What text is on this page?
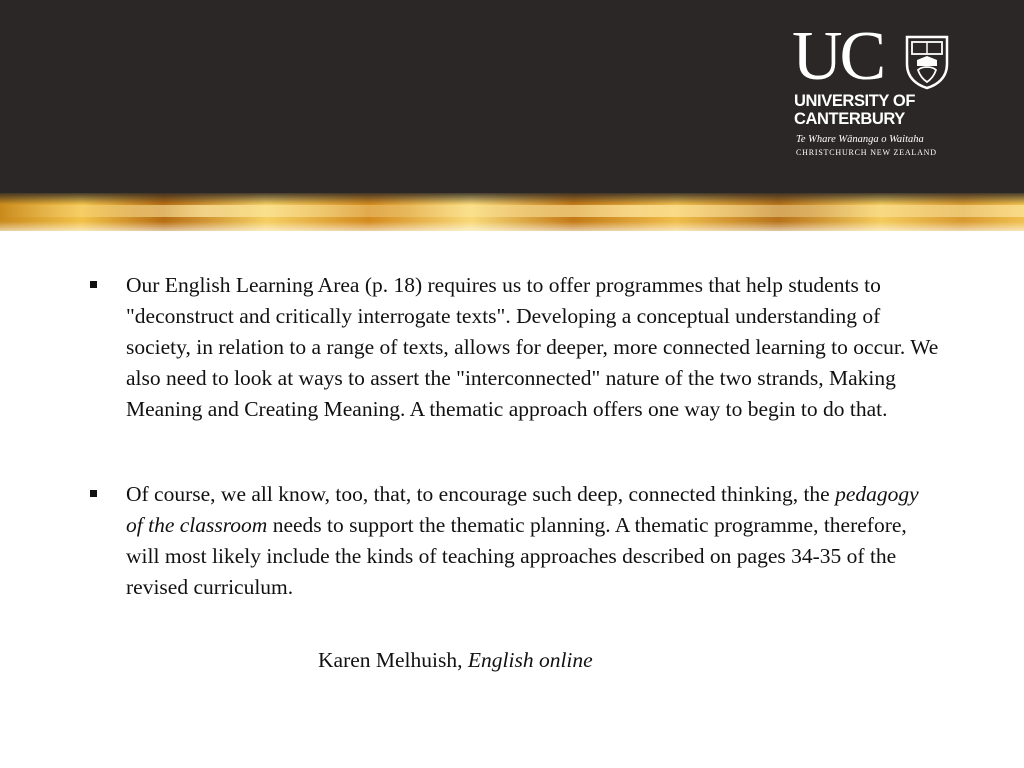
UC
UNIVERSITY OF
CANTERBURY
Te Whare Wānanga o Waitaha
CHRISTCHURCH NEW ZEALAND
Our English Learning Area (p. 18) requires us to offer programmes that help students to "deconstruct and critically interrogate texts". Developing a conceptual understanding of society, in relation to a range of texts, allows for deeper, more connected learning to occur. We also need to look at ways to assert the "interconnected" nature of the two strands, Making Meaning and Creating Meaning. A thematic approach offers one way to begin to do that.
Of course, we all know, too, that, to encourage such deep, connected thinking, the pedagogy of the classroom needs to support the thematic planning. A thematic programme, therefore, will most likely include the kinds of teaching approaches described on pages 34-35 of the revised curriculum.
Karen Melhuish, English online
